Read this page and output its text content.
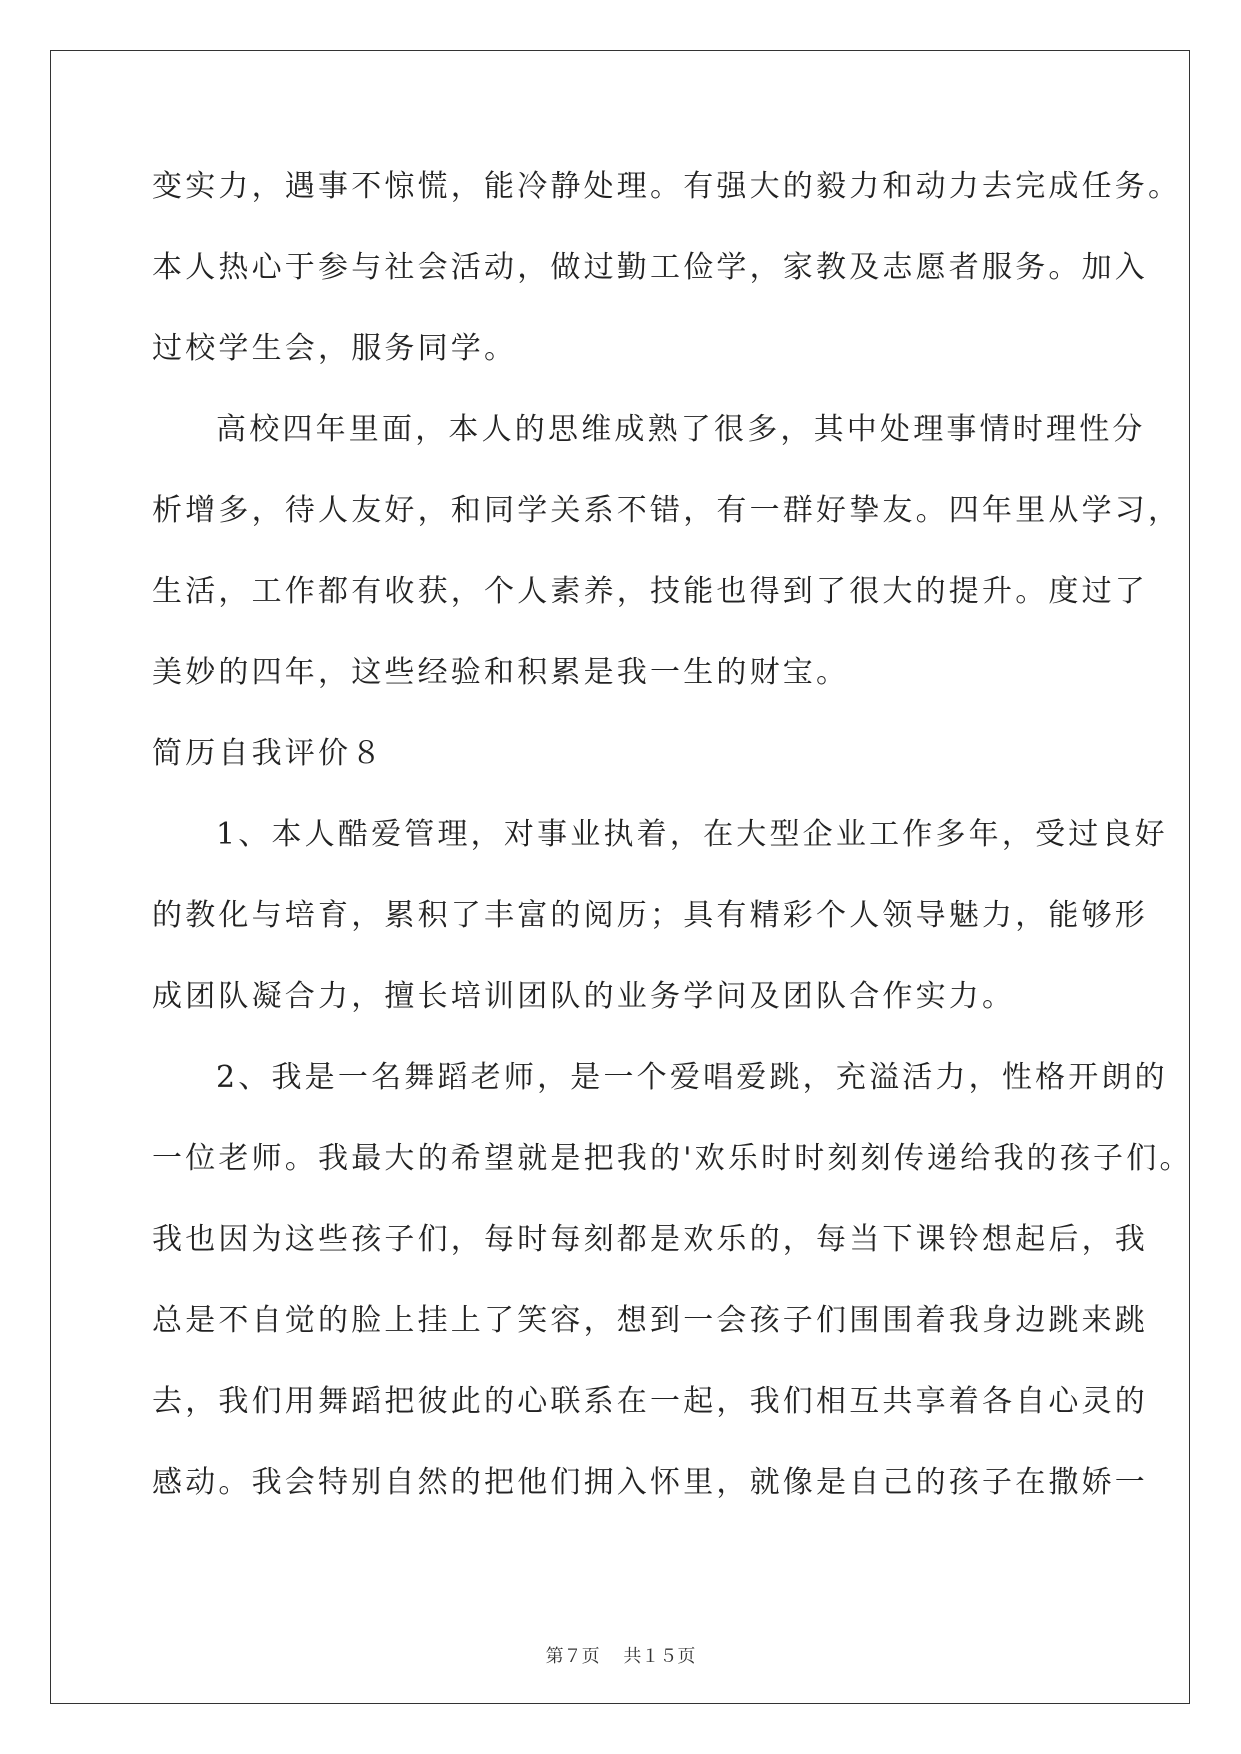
变实力，遇事不惊慌，能冷静处理。有强大的毅力和动力去完成任务。
本人热心于参与社会活动，做过勤工俭学，家教及志愿者服务。加入
过校学生会，服务同学。
高校四年里面，本人的思维成熟了很多，其中处理事情时理性分
析增多，待人友好，和同学关系不错，有一群好挚友。四年里从学习，
生活，工作都有收获，个人素养，技能也得到了很大的提升。度过了
美妙的四年，这些经验和积累是我一生的财宝。
简历自我评价８
1、本人酷爱管理，对事业执着，在大型企业工作多年，受过良好
的教化与培育，累积了丰富的阅历；具有精彩个人领导魅力，能够形
成团队凝合力，擅长培训团队的业务学问及团队合作实力。
2、我是一名舞蹈老师，是一个爱唱爱跳，充溢活力，性格开朗的
一位老师。我最大的希望就是把我的'欢乐时时刻刻传递给我的孩子们。
我也因为这些孩子们，每时每刻都是欢乐的，每当下课铃想起后，我
总是不自觉的脸上挂上了笑容，想到一会孩子们围围着我身边跳来跳
去，我们用舞蹈把彼此的心联系在一起，我们相互共享着各自心灵的
感动。我会特别自然的把他们拥入怀里，就像是自己的孩子在撒娇一
第７页　 共１５页
